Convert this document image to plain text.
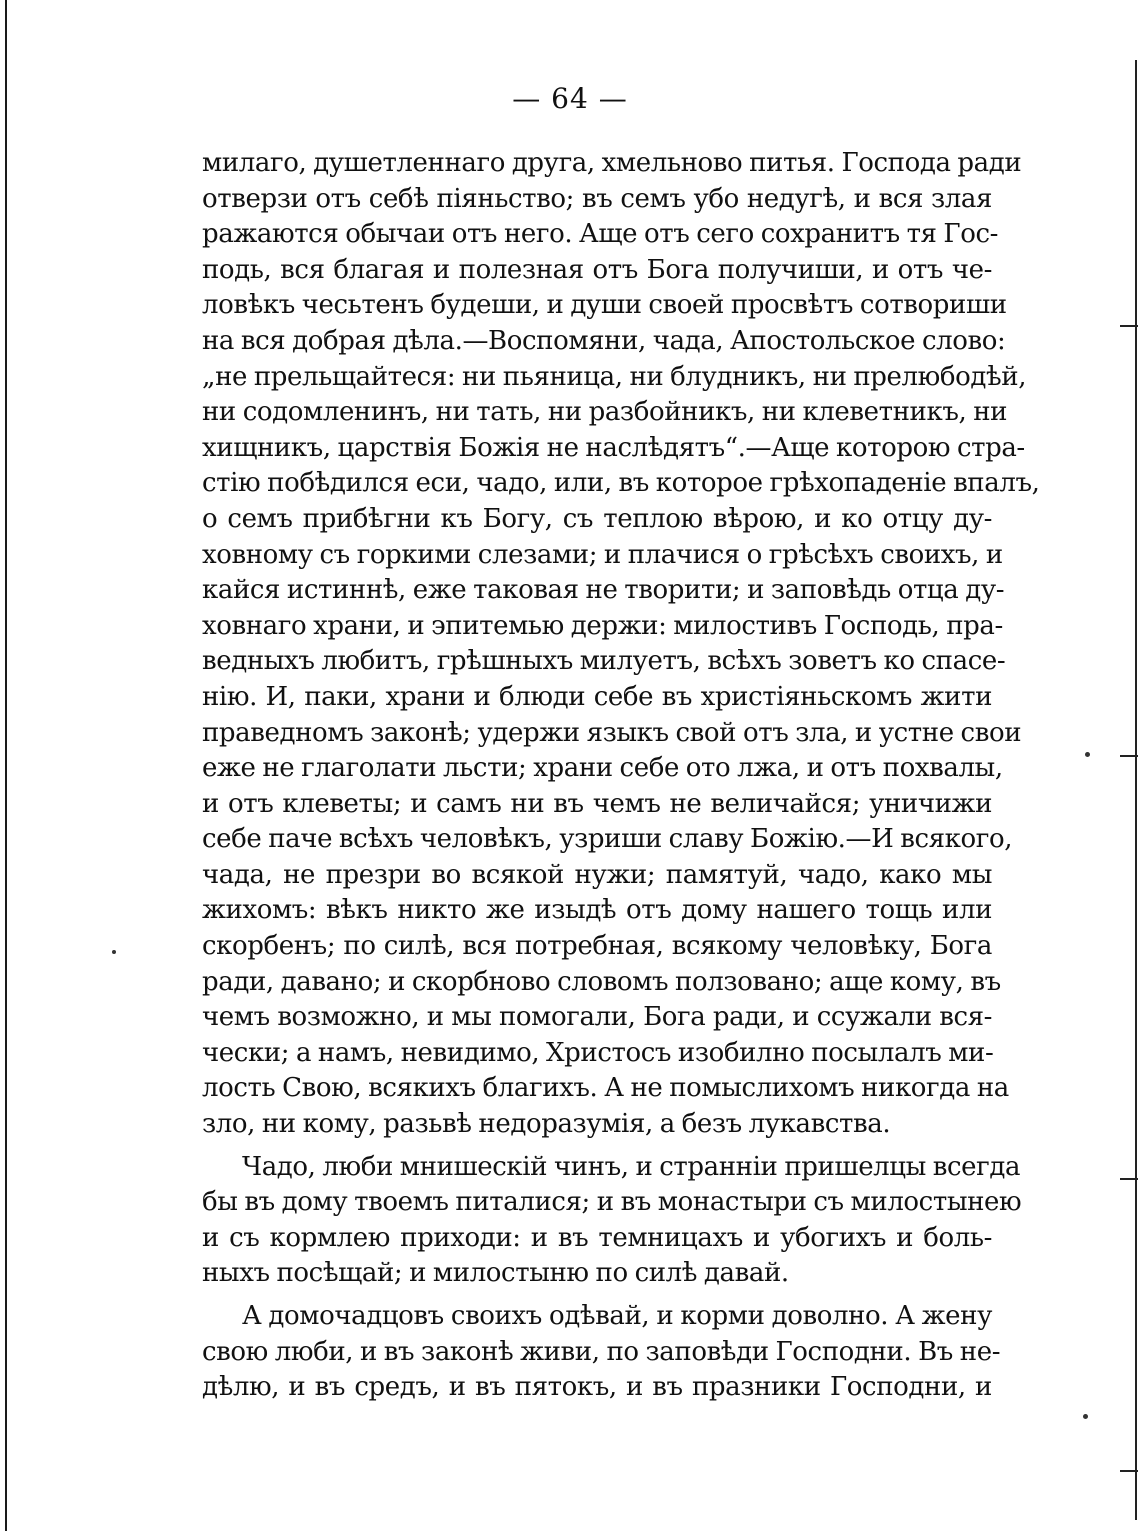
— 64 —
милаго, душетленнаго друга, хмельново питья. Господа ради
отверзи отъ себѣ піяньство; въ семъ убо недугѣ, и вся злая
ражаются обычаи отъ него. Аще отъ сего сохранитъ тя Гос-
подь, вся благая и полезная отъ Бога получиши, и отъ че-
ловѣкъ чесьтенъ будеши, и души своей просвѣтъ сотвориши
на вся добрая дѣла.—Воспомяни, чада, Апостольское слово:
„не прельщайтеся: ни пьяница, ни блудникъ, ни прелюбодѣй,
ни содомленинъ, ни тать, ни разбойникъ, ни клеветникъ, ни
хищникъ, царствія Божія не наслѣдятъ“.—Аще которою стра-
стію побѣдился еси, чадо, или, въ которое грѣхопаденіе впалъ,
о семъ прибѣгни къ Богу, съ теплою вѣрою, и ко отцу ду-
ховному съ горкими слезами; и плачися о грѣсѣхъ своихъ, и
кайся истиннѣ, еже таковая не творити; и заповѣдь отца ду-
ховнаго храни, и эпитемью держи: милостивъ Господь, пра-
ведныхъ любитъ, грѣшныхъ милуетъ, всѣхъ зоветъ ко спасе-
нію. И, паки, храни и блюди себе въ христіяньскомъ жити
праведномъ законѣ; удержи языкъ свой отъ зла, и устне свои
еже не глаголати льсти; храни себе ото лжа, и отъ похвалы,
и отъ клеветы; и самъ ни въ чемъ не величайся; уничижи
себе паче всѣхъ человѣкъ, узриши славу Божію.—И всякого,
чада, не презри во всякой нужи; памятуй, чадо, како мы
жихомъ: вѣкъ никто же изыдѣ отъ дому нашего тощь или
скорбенъ; по силѣ, вся потребная, всякому человѣку, Бога
ради, давано; и скорбново словомъ ползовано; аще кому, въ
чемъ возможно, и мы помогали, Бога ради, и ссужали вся-
чески; а намъ, невидимо, Христосъ изобилно посылалъ ми-
лость Свою, всякихъ благихъ. А не помыслихомъ никогда на
зло, ни кому, разьвѣ недоразумія, а безъ лукавства.
Чадо, люби мнишескій чинъ, и страннiи пришелцы всегда
бы въ дому твоемъ питалися; и въ монастыри съ милостынею
и съ кормлею приходи: и въ темницахъ и убогихъ и боль-
ныхъ посѣщай; и милостыню по силѣ давай.
А домочадцовъ своихъ одѣвай, и корми доволно. А жену
свою люби, и въ законѣ живи, по заповѣди Господни. Въ не-
дѣлю, и въ средъ, и въ пятокъ, и въ празники Господни, и
